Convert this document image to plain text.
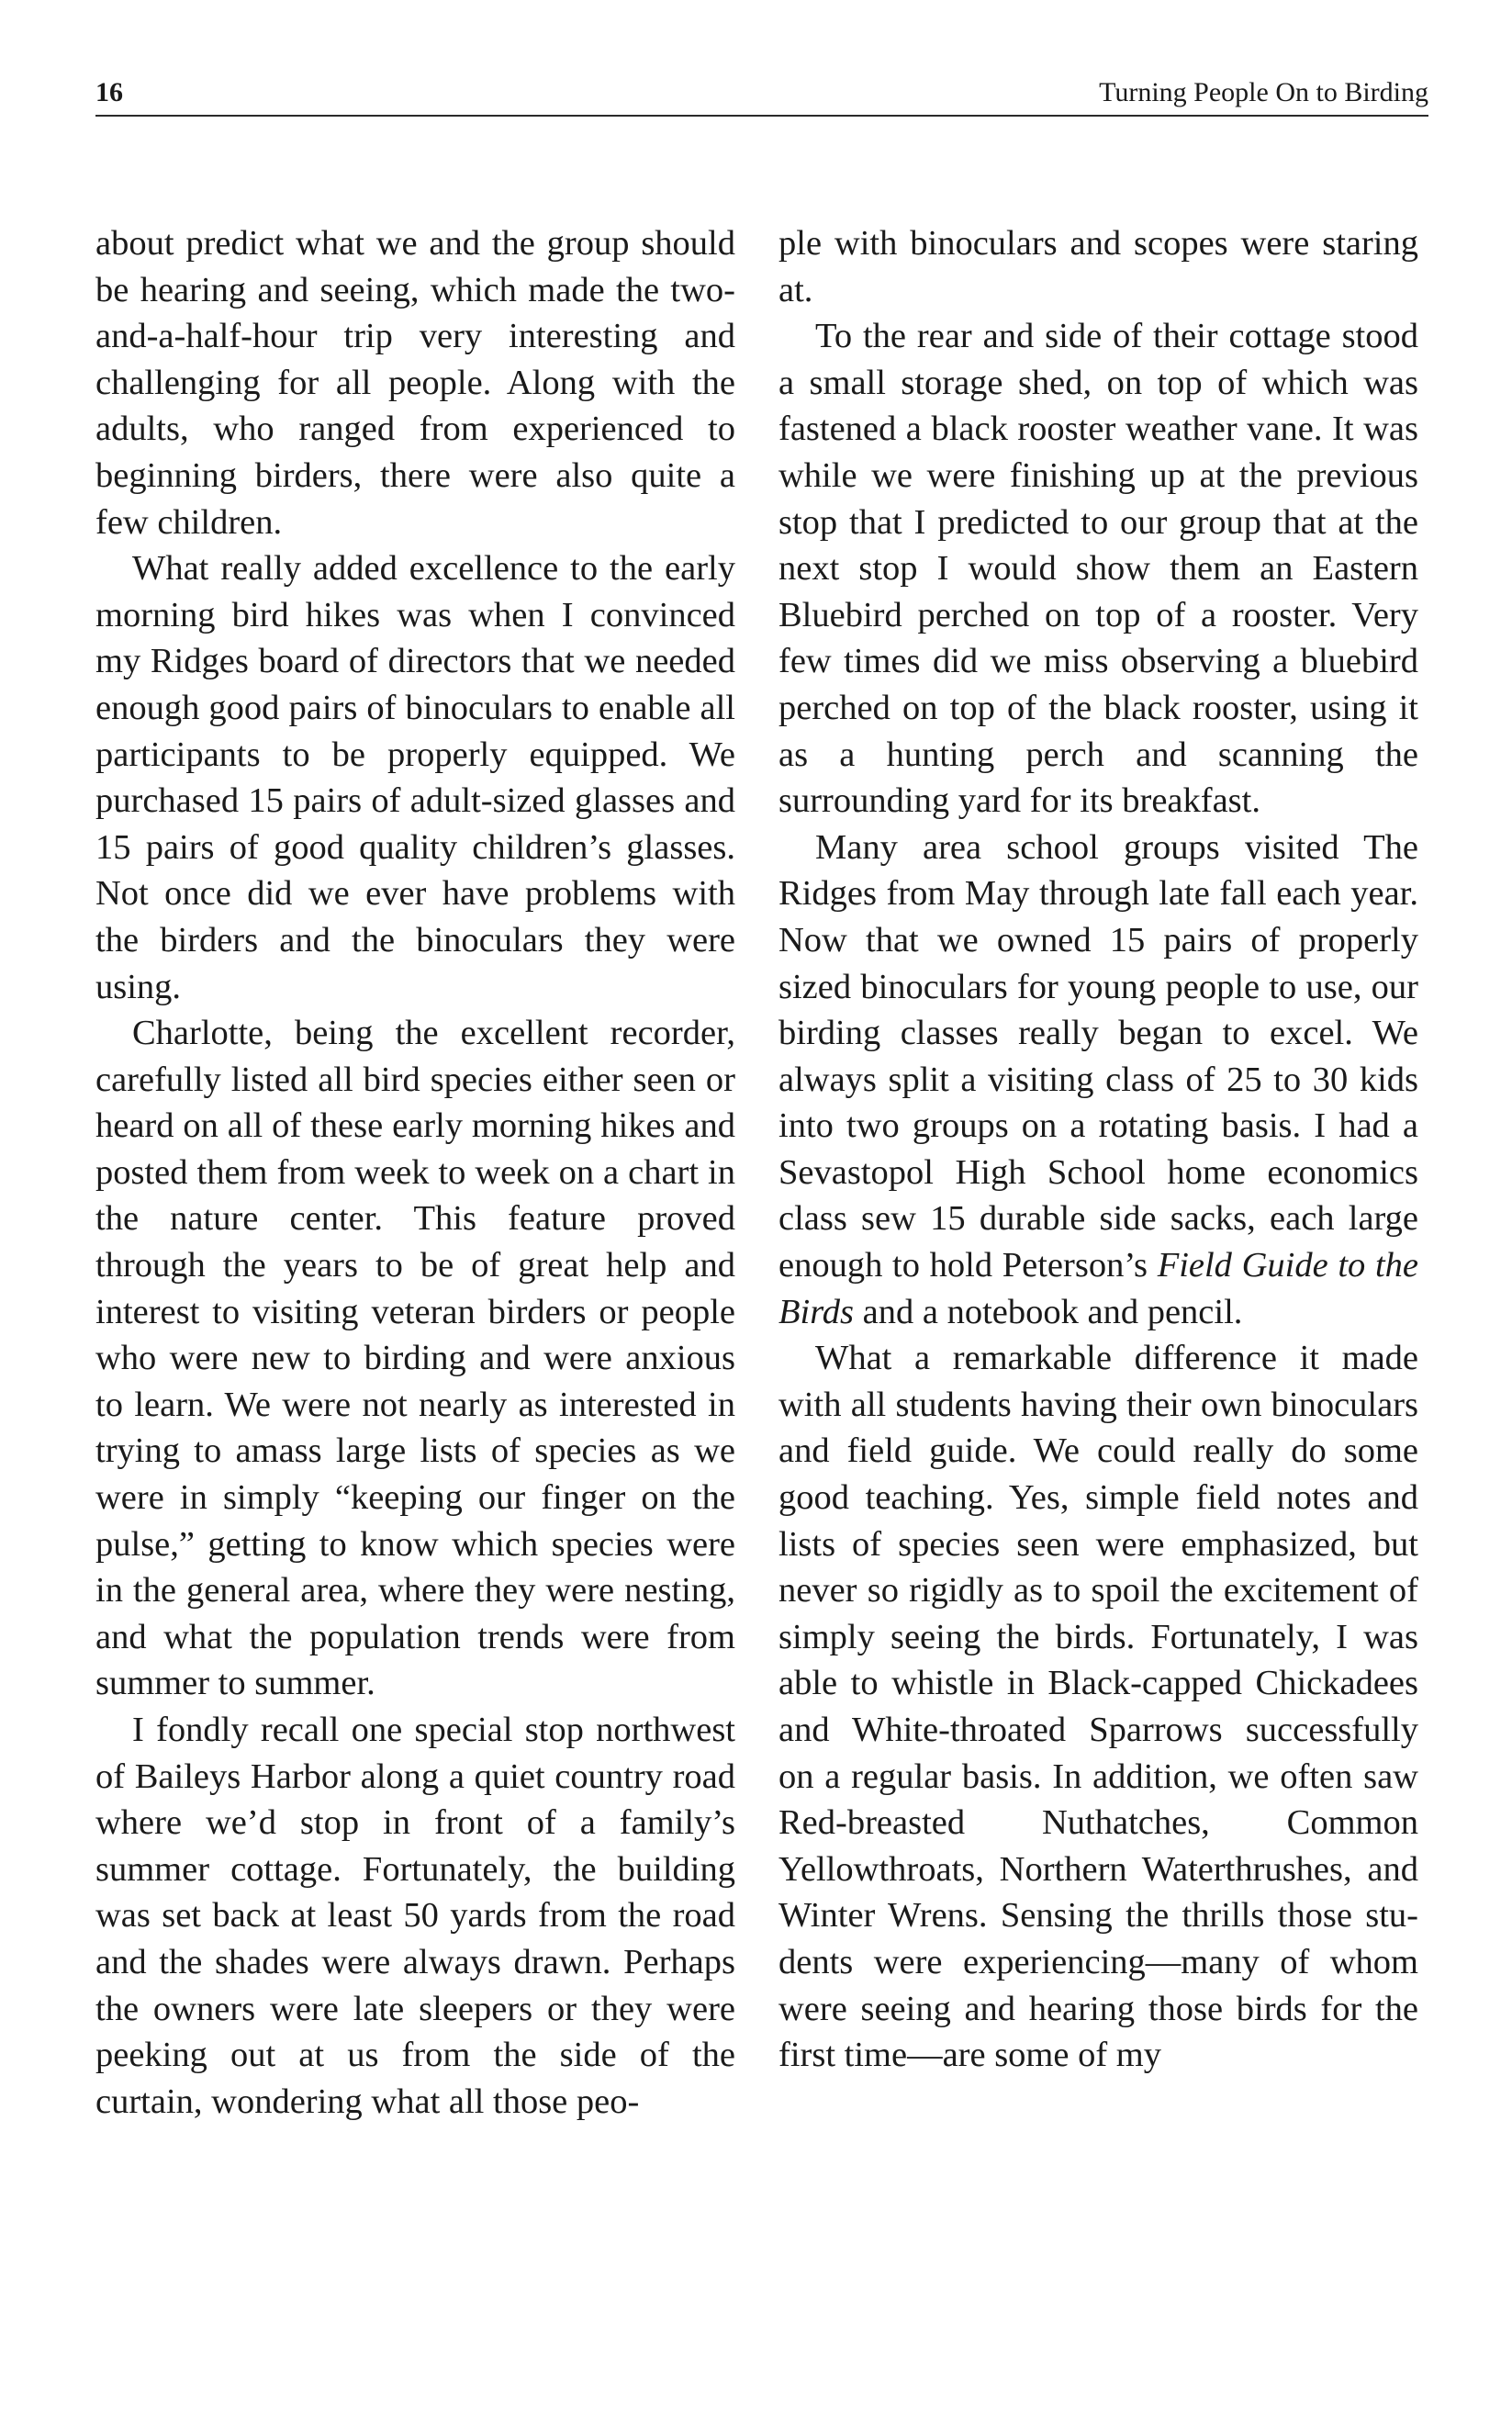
16	Turning People On to Birding

about predict what we and the group should be hearing and seeing, which made the two-and-a-half-hour trip very interesting and challenging for all people. Along with the adults, who ranged from experienced to beginning birders, there were also quite a few children.

What really added excellence to the early morning bird hikes was when I convinced my Ridges board of directors that we needed enough good pairs of binoculars to enable all participants to be properly equipped. We purchased 15 pairs of adult-sized glasses and 15 pairs of good quality children’s glasses. Not once did we ever have problems with the birders and the binoculars they were using.

Charlotte, being the excellent recorder, carefully listed all bird species either seen or heard on all of these early morning hikes and posted them from week to week on a chart in the nature center. This feature proved through the years to be of great help and interest to visiting veteran birders or people who were new to birding and were anxious to learn. We were not nearly as interested in trying to amass large lists of species as we were in simply “keeping our finger on the pulse,” getting to know which species were in the general area, where they were nesting, and what the population trends were from summer to summer.

I fondly recall one special stop northwest of Baileys Harbor along a quiet country road where we’d stop in front of a family’s summer cottage. Fortunately, the building was set back at least 50 yards from the road and the shades were always drawn. Perhaps the owners were late sleepers or they were peeking out at us from the side of the curtain, wondering what all those peo-

ple with binoculars and scopes were staring at.

To the rear and side of their cottage stood a small storage shed, on top of which was fastened a black rooster weather vane. It was while we were finishing up at the previous stop that I predicted to our group that at the next stop I would show them an Eastern Bluebird perched on top of a rooster. Very few times did we miss observing a bluebird perched on top of the black rooster, using it as a hunting perch and scanning the surrounding yard for its breakfast.

Many area school groups visited The Ridges from May through late fall each year. Now that we owned 15 pairs of properly sized binoculars for young people to use, our birding classes really began to excel. We always split a visiting class of 25 to 30 kids into two groups on a rotating basis. I had a Sevastopol High School home economics class sew 15 durable side sacks, each large enough to hold Peterson’s Field Guide to the Birds and a notebook and pencil.

What a remarkable difference it made with all students having their own binoculars and field guide. We could really do some good teaching. Yes, simple field notes and lists of species seen were emphasized, but never so rigidly as to spoil the excitement of simply seeing the birds. Fortunately, I was able to whistle in Black-capped Chickadees and White-throated Sparrows successfully on a regular basis. In addition, we often saw Red-breasted Nuthatches, Common Yellowthroats, Northern Waterthrushes, and Winter Wrens. Sensing the thrills those students were experiencing—many of whom were seeing and hearing those birds for the first time—are some of my
